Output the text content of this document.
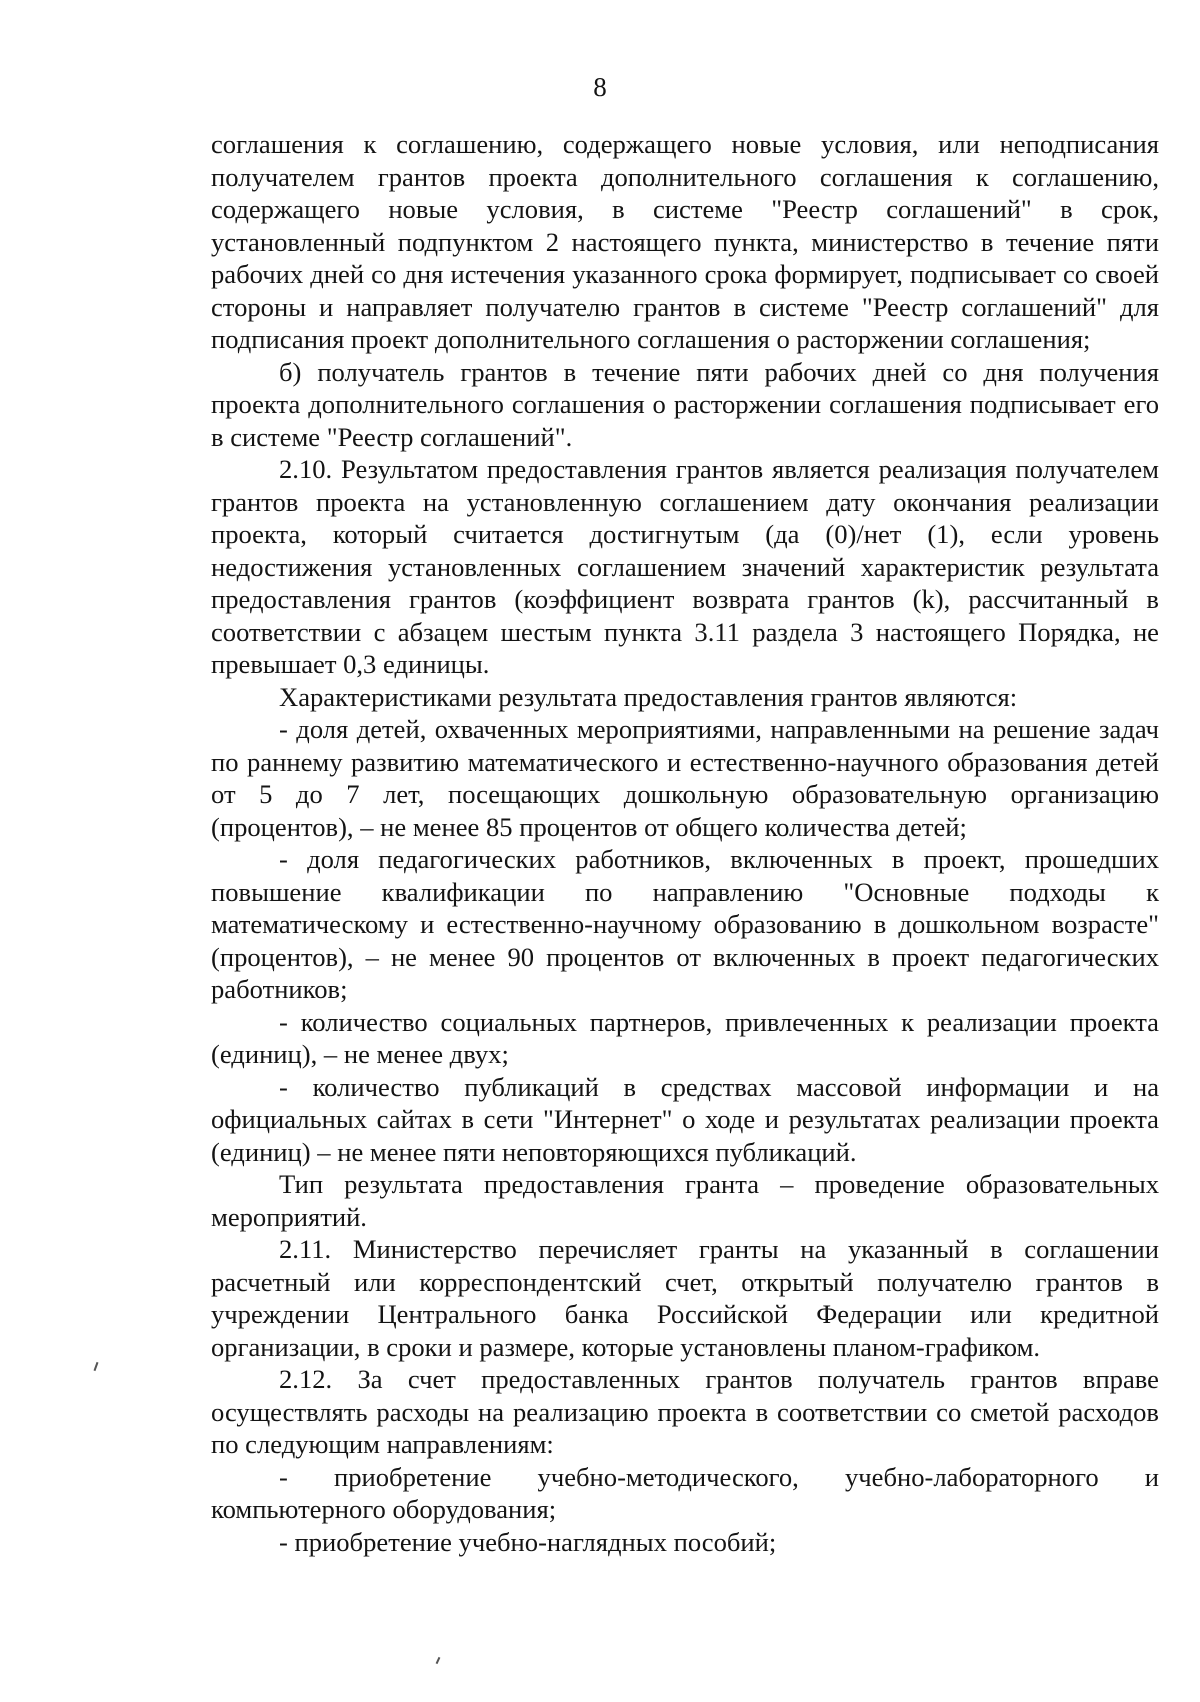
8

соглашения к соглашению, содержащего новые условия, или неподписания получателем грантов проекта дополнительного соглашения к соглашению, содержащего новые условия, в системе "Реестр соглашений" в срок, установленный подпунктом 2 настоящего пункта, министерство в течение пяти рабочих дней со дня истечения указанного срока формирует, подписывает со своей стороны и направляет получателю грантов в системе "Реестр соглашений" для подписания проект дополнительного соглашения о расторжении соглашения;

б) получатель грантов в течение пяти рабочих дней со дня получения проекта дополнительного соглашения о расторжении соглашения подписывает его в системе "Реестр соглашений".

2.10. Результатом предоставления грантов является реализация получателем грантов проекта на установленную соглашением дату окончания реализации проекта, который считается достигнутым (да (0)/нет (1), если уровень недостижения установленных соглашением значений характеристик результата предоставления грантов (коэффициент возврата грантов (k), рассчитанный в соответствии с абзацем шестым пункта 3.11 раздела 3 настоящего Порядка, не превышает 0,3 единицы.

Характеристиками результата предоставления грантов являются:

- доля детей, охваченных мероприятиями, направленными на решение задач по раннему развитию математического и естественно-научного образования детей от 5 до 7 лет, посещающих дошкольную образовательную организацию (процентов), – не менее 85 процентов от общего количества детей;

- доля педагогических работников, включенных в проект, прошедших повышение квалификации по направлению "Основные подходы к математическому и естественно-научному образованию в дошкольном возрасте" (процентов), – не менее 90 процентов от включенных в проект педагогических работников;

- количество социальных партнеров, привлеченных к реализации проекта (единиц), – не менее двух;

- количество публикаций в средствах массовой информации и на официальных сайтах в сети "Интернет" о ходе и результатах реализации проекта (единиц) – не менее пяти неповторяющихся публикаций.

Тип результата предоставления гранта – проведение образовательных мероприятий.

2.11. Министерство перечисляет гранты на указанный в соглашении расчетный или корреспондентский счет, открытый получателю грантов в учреждении Центрального банка Российской Федерации или кредитной организации, в сроки и размере, которые установлены планом-графиком.

2.12. За счет предоставленных грантов получатель грантов вправе осуществлять расходы на реализацию проекта в соответствии со сметой расходов по следующим направлениям:

- приобретение учебно-методического, учебно-лабораторного и компьютерного оборудования;

- приобретение учебно-наглядных пособий;
